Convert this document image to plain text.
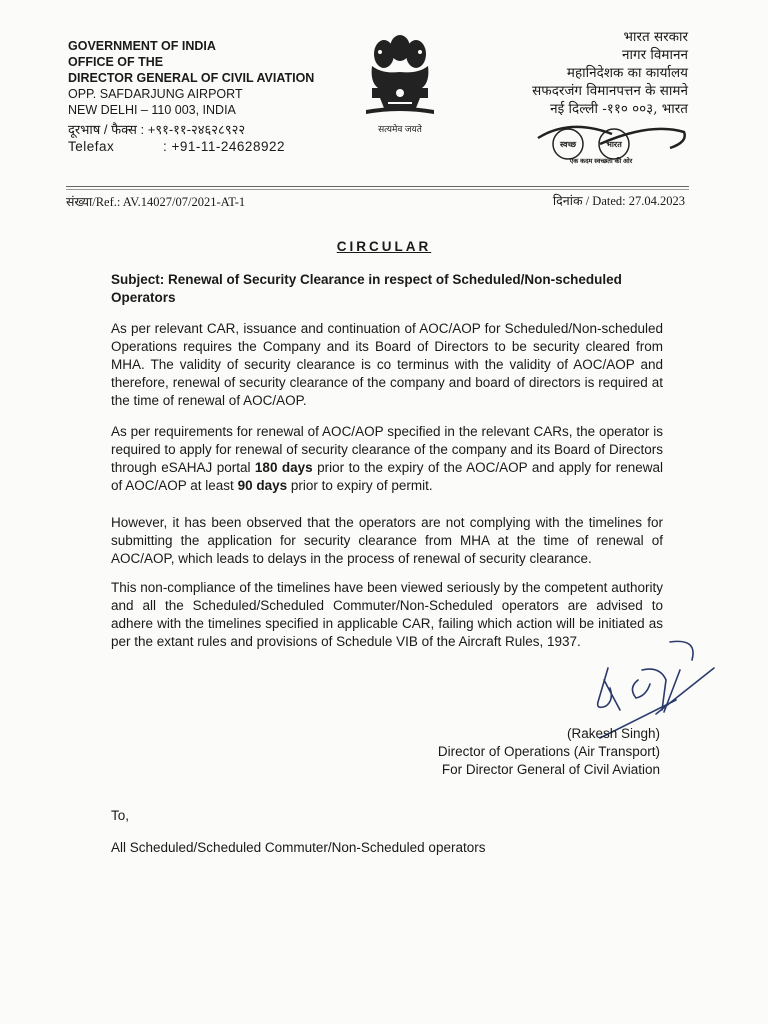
GOVERNMENT OF INDIA
OFFICE OF THE
DIRECTOR GENERAL OF CIVIL AVIATION
OPP. SAFDARJUNG AIRPORT
NEW DELHI – 110 003, INDIA
दूरभाष / फैक्स : +९१-११-२४६२८९२२
Telefax	: +91-11-24628922
सत्यमेव जयते
भारत सरकार
नागर विमानन
महानिदेशक का कार्यालय
सफदरजंग विमानपत्तन के सामने
नई दिल्ली -११० ००३, भारत
स्वच्छ	भारत
एक कदम स्वच्छता की ओर
संख्या/Ref.: AV.14027/07/2021-AT-1	दिनांक / Dated: 27.04.2023
CIRCULAR
Subject: Renewal of Security Clearance in respect of Scheduled/Non-scheduled Operators
As per relevant CAR, issuance and continuation of AOC/AOP for Scheduled/Non-scheduled Operations requires the Company and its Board of Directors to be security cleared from MHA. The validity of security clearance is co terminus with the validity of AOC/AOP and therefore, renewal of security clearance of the company and board of directors is required at the time of renewal of AOC/AOP.
As per requirements for renewal of AOC/AOP specified in the relevant CARs, the operator is required to apply for renewal of security clearance of the company and its Board of Directors through eSAHAJ portal 180 days prior to the expiry of the AOC/AOP and apply for renewal of AOC/AOP at least 90 days prior to expiry of permit.
However, it has been observed that the operators are not complying with the timelines for submitting the application for security clearance from MHA at the time of renewal of AOC/AOP, which leads to delays in the process of renewal of security clearance.
This non-compliance of the timelines have been viewed seriously by the competent authority and all the Scheduled/Scheduled Commuter/Non-Scheduled operators are advised to adhere with the timelines specified in applicable CAR, failing which action will be initiated as per the extant rules and provisions of Schedule VIB of the Aircraft Rules, 1937.
(Rakesh Singh)
Director of Operations (Air Transport)
For Director General of Civil Aviation
To,
All Scheduled/Scheduled Commuter/Non-Scheduled operators
